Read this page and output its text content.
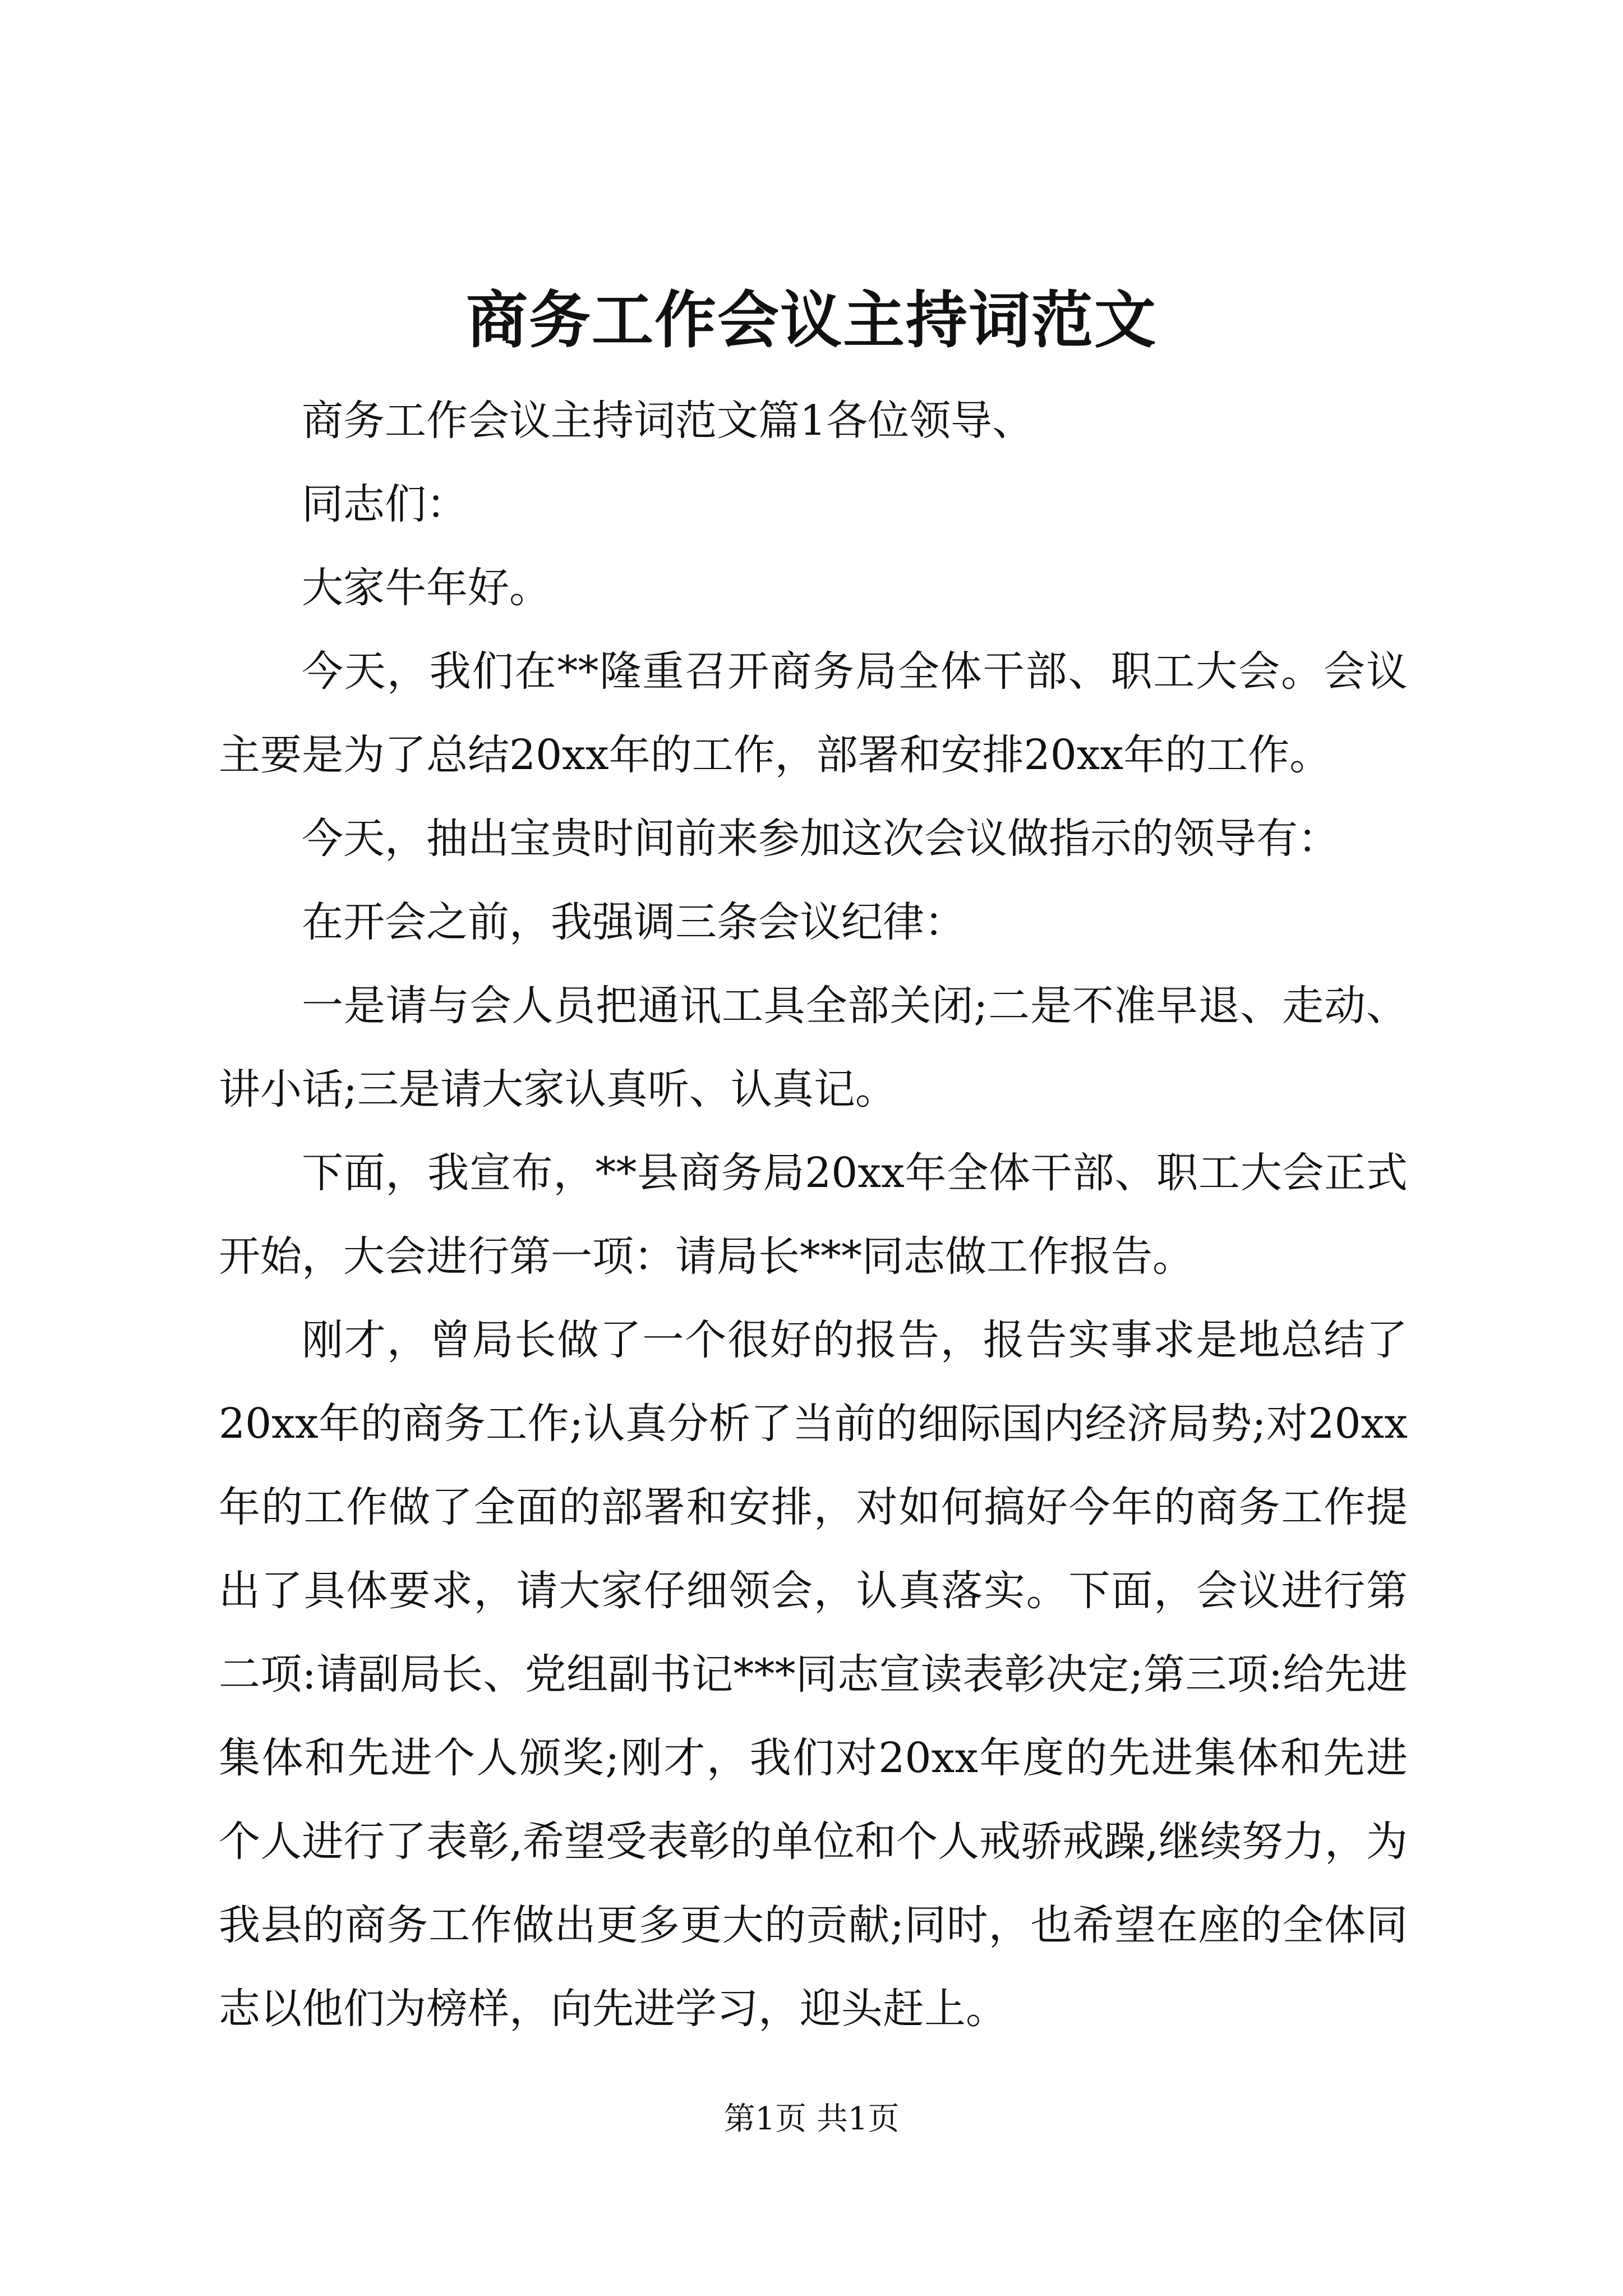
商务工作会议主持词范文

商务工作会议主持词范文篇1各位领导、

同志们：

大家牛年好。

今天，我们在**隆重召开商务局全体干部、职工大会。会议主要是为了总结20xx年的工作，部署和安排20xx年的工作。

今天，抽出宝贵时间前来参加这次会议做指示的领导有：

在开会之前，我强调三条会议纪律：

一是请与会人员把通讯工具全部关闭;二是不准早退、走动、讲小话;三是请大家认真听、认真记。

下面，我宣布，**县商务局20xx年全体干部、职工大会正式开始，大会进行第一项：请局长***同志做工作报告。

刚才，曾局长做了一个很好的报告，报告实事求是地总结了20xx年的商务工作;认真分析了当前的细际国内经济局势;对20xx年的工作做了全面的部署和安排，对如何搞好今年的商务工作提出了具体要求，请大家仔细领会，认真落实。下面，会议进行第二项:请副局长、党组副书记***同志宣读表彰决定;第三项:给先进集体和先进个人颁奖;刚才，我们对20xx年度的先进集体和先进个人进行了表彰,希望受表彰的单位和个人戒骄戒躁,继续努力，为我县的商务工作做出更多更大的贡献;同时，也希望在座的全体同志以他们为榜样，向先进学习，迎头赶上。

第1页 共1页
